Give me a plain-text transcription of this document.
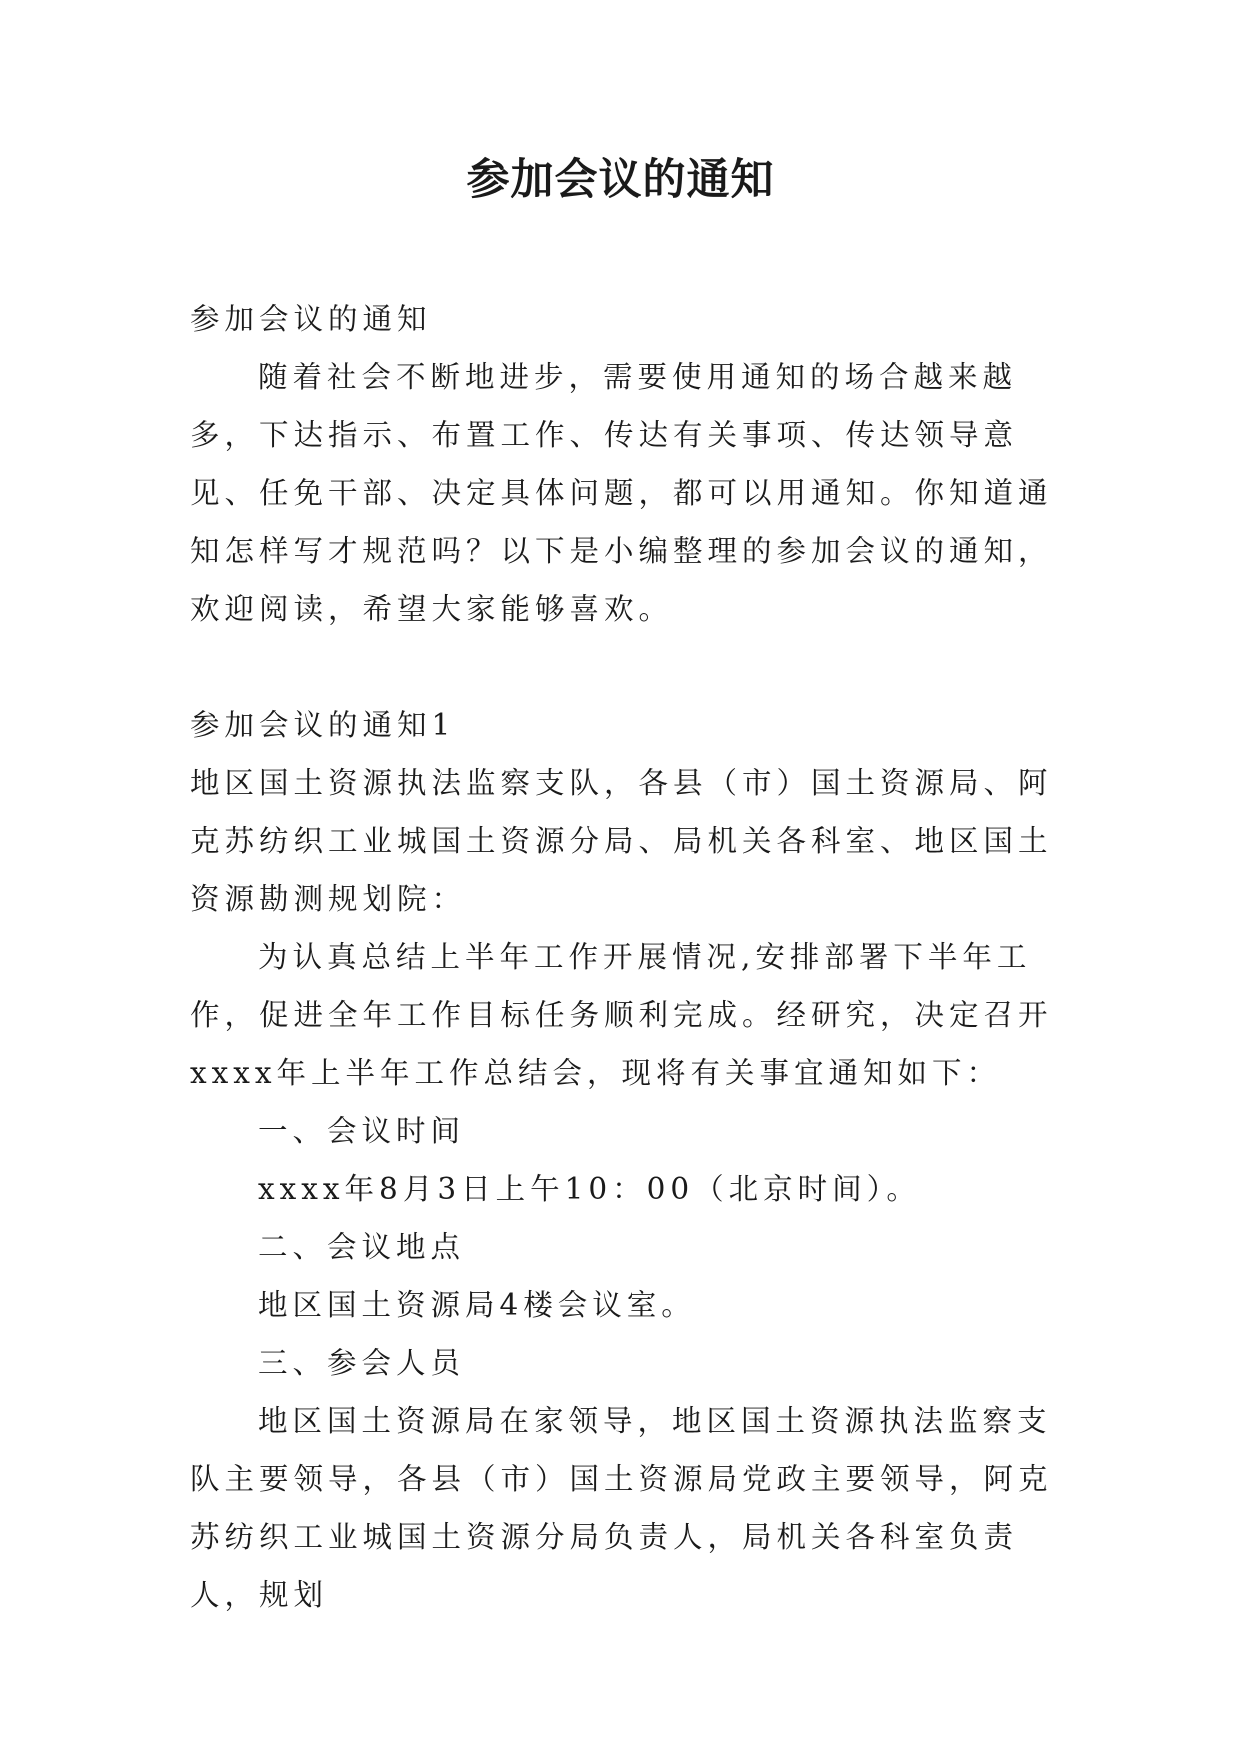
参加会议的通知

参加会议的通知

随着社会不断地进步，需要使用通知的场合越来越多，下达指示、布置工作、传达有关事项、传达领导意见、任免干部、决定具体问题，都可以用通知。你知道通知怎样写才规范吗？以下是小编整理的参加会议的通知，欢迎阅读，希望大家能够喜欢。

参加会议的通知1

地区国土资源执法监察支队，各县（市）国土资源局、阿克苏纺织工业城国土资源分局、局机关各科室、地区国土资源勘测规划院：

为认真总结上半年工作开展情况,安排部署下半年工作，促进全年工作目标任务顺利完成。经研究，决定召开xxxx年上半年工作总结会，现将有关事宜通知如下：

一、会议时间

xxxx年8月3日上午10：00（北京时间）。

二、会议地点

地区国土资源局4楼会议室。

三、参会人员

地区国土资源局在家领导，地区国土资源执法监察支队主要领导，各县（市）国土资源局党政主要领导，阿克苏纺织工业城国土资源分局负责人，局机关各科室负责人，规划
